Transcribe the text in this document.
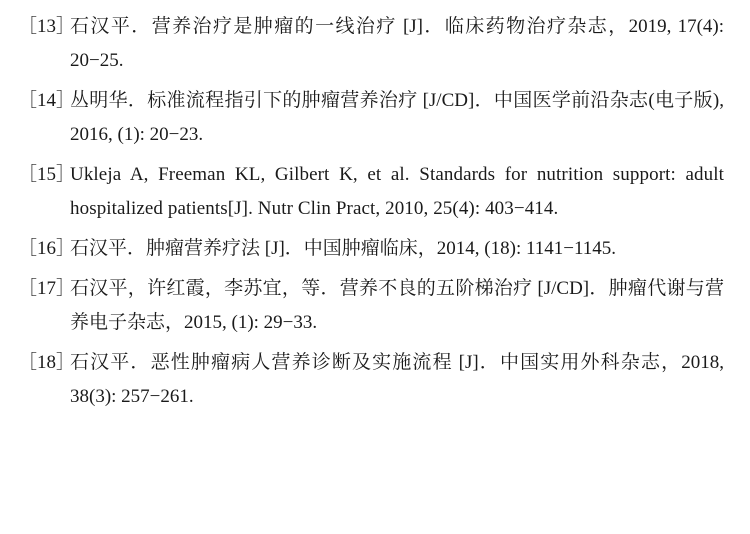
［13］
石汉平．营养治疗是肿瘤的一线治疗 [J]．临床药物治疗杂志，2019, 17(4): 20−25.
［14］
丛明华．标准流程指引下的肿瘤营养治疗 [J/CD]．中国医学前沿杂志(电子版), 2016, (1): 20−23.
［15］
Ukleja A, Freeman KL, Gilbert K, et al. Standards for nutrition support: adult hospitalized patients[J]. Nutr Clin Pract, 2010, 25(4): 403−414.
［16］
石汉平．肿瘤营养疗法 [J]．中国肿瘤临床，2014, (18): 1141−1145.
［17］
石汉平，许红霞，李苏宜，等．营养不良的五阶梯治疗 [J/CD]．肿瘤代谢与营养电子杂志，2015, (1): 29−33.
［18］
石汉平．恶性肿瘤病人营养诊断及实施流程 [J]．中国实用外科杂志，2018, 38(3): 257−261.
